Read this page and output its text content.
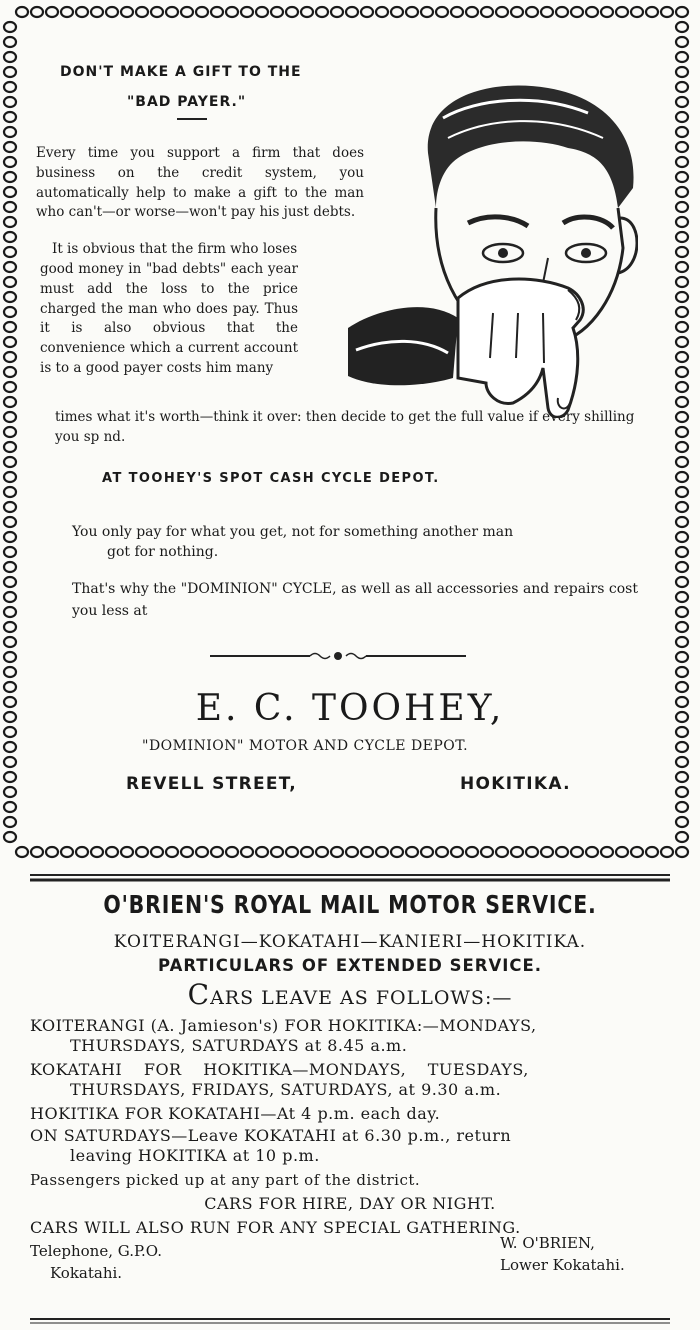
DON'T MAKE A GIFT TO THE

"BAD PAYER."

Every time you support a firm that does business on the credit system, you automatically help to make a gift to the man who can't—or worse—won't pay his just debts.

It is obvious that the firm who loses

good money in "bad debts" each year must add the loss to the price charged the man who does pay. Thus it is also obvious that the convenience which a current account is to a good payer costs him many

times what it's worth—think it over: then decide to get the full value if every shilling you sp nd.

AT TOOHEY'S SPOT CASH CYCLE DEPOT.

You only pay for what you get, not for something another man
got for nothing.

That's why the "DOMINION" CYCLE, as well as all accessories and repairs cost you less at

E. C. TOOHEY,

"DOMINION" MOTOR AND CYCLE DEPOT.

REVELL STREET,	HOKITIKA.

O'BRIEN'S ROYAL MAIL MOTOR SERVICE.

KOITERANGI—KOKATAHI—KANIERI—HOKITIKA.

PARTICULARS OF EXTENDED SERVICE.

CARS LEAVE AS FOLLOWS:—

KOITERANGI (A. Jamieson's) FOR HOKITIKA:—MONDAYS,
THURSDAYS, SATURDAYS at 8.45 a.m.

KOKATAHI FOR HOKITIKA—MONDAYS, TUESDAYS,
THURSDAYS, FRIDAYS, SATURDAYS, at 9.30 a.m.

HOKITIKA FOR KOKATAHI—At 4 p.m. each day.

ON SATURDAYS—Leave KOKATAHI at 6.30 p.m., return
leaving HOKITIKA at 10 p.m.

Passengers picked up at any part of the district.

CARS FOR HIRE, DAY OR NIGHT.

CARS WILL ALSO RUN FOR ANY SPECIAL GATHERING.

Telephone, G.P.O.
Kokatahi.

W. O'BRIEN,
Lower Kokatahi.
